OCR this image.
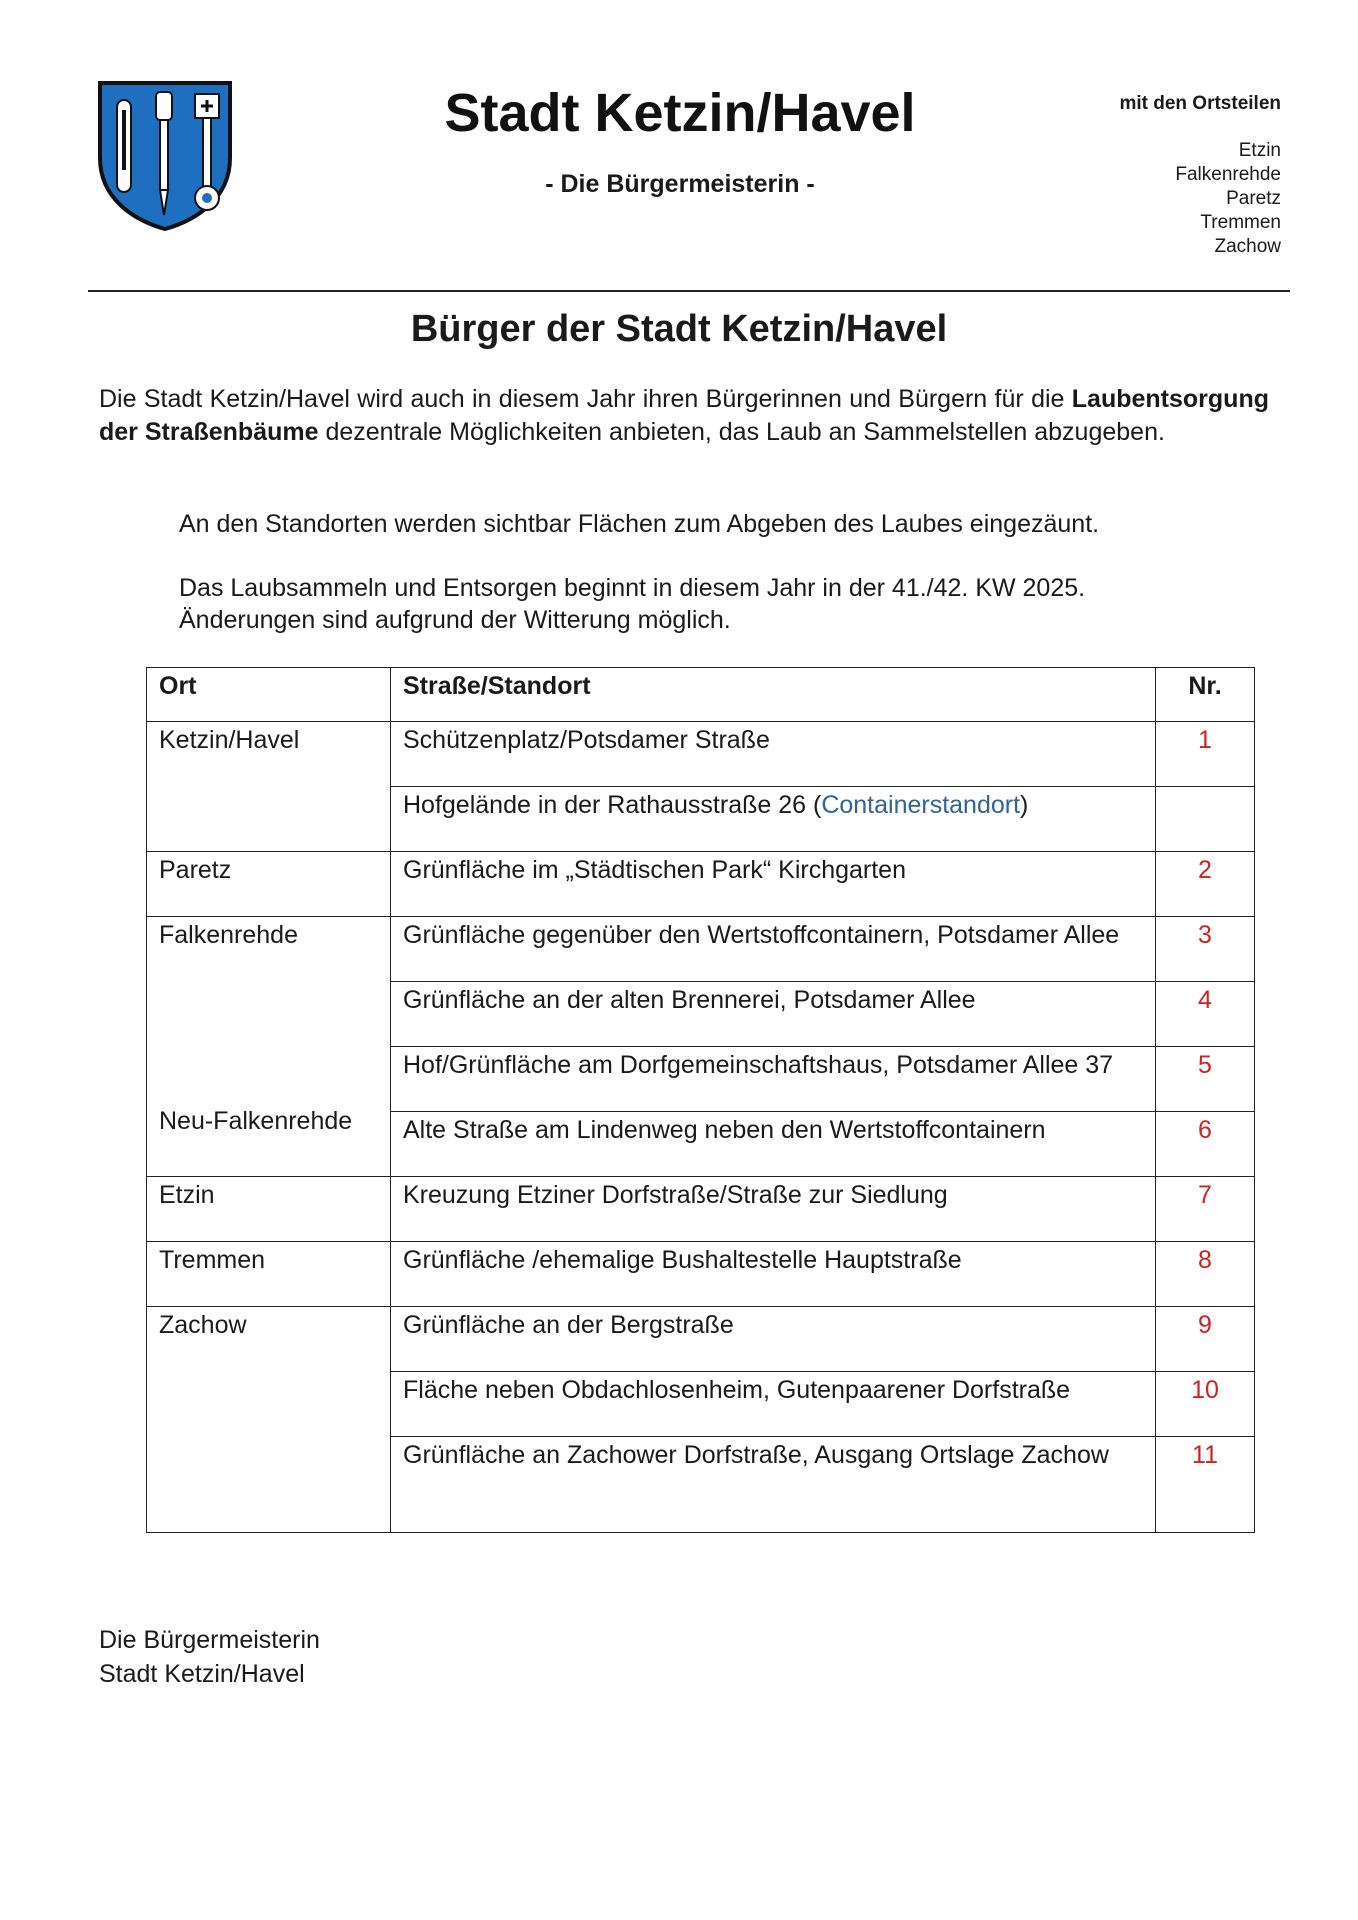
Stadt Ketzin/Havel
- Die Bürgermeisterin -
mit den Ortsteilen
Etzin
Falkenrehde
Paretz
Tremmen
Zachow
Bürger der Stadt Ketzin/Havel

Die Stadt Ketzin/Havel wird auch in diesem Jahr ihren Bürgerinnen und Bürgern für die Laubentsorgung der Straßenbäume dezentrale Möglichkeiten anbieten, das Laub an Sammelstellen abzugeben.

An den Standorten werden sichtbar Flächen zum Abgeben des Laubes eingezäunt.

Das Laubsammeln und Entsorgen beginnt in diesem Jahr in der 41./42. KW 2025.
Änderungen sind aufgrund der Witterung möglich.

Ort	Straße/Standort	Nr.
Ketzin/Havel	Schützenplatz/Potsdamer Straße	1
	Hofgelände in der Rathausstraße 26 (Containerstandort)	
Paretz	Grünfläche im „Städtischen Park“ Kirchgarten	2
Falkenrehde	Grünfläche gegenüber den Wertstoffcontainern, Potsdamer Allee	3
	Grünfläche an der alten Brennerei, Potsdamer Allee	4
	Hof/Grünfläche am Dorfgemeinschaftshaus, Potsdamer Allee 37	5

Neu-Falkenrehde	Alte Straße am Lindenweg neben den Wertstoffcontainern	6
Etzin	Kreuzung Etziner Dorfstraße/Straße zur Siedlung	7
Tremmen	Grünfläche /ehemalige Bushaltestelle Hauptstraße	8
Zachow	Grünfläche an der Bergstraße	9
	Fläche neben Obdachlosenheim, Gutenpaarener Dorfstraße	10
	Grünfläche an Zachower Dorfstraße, Ausgang Ortslage Zachow	11
Die Bürgermeisterin
Stadt Ketzin/Havel
